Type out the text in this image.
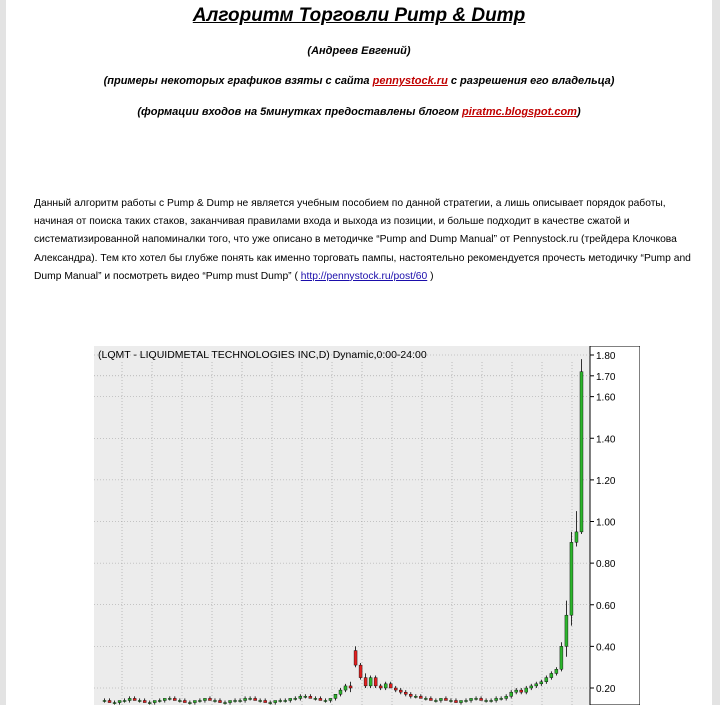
Алгоритм Торговли Pump & Dump
(Андреев Евгений)
(примеры некоторых графиков взяты с сайта pennystock.ru с разрешения его владельца)
(формации входов на 5минутках предоставлены блогом piratmc.blogspot.com)
Данный алгоритм работы с Pump & Dump не является учебным пособием по данной стратегии, а лишь описывает порядок работы, начиная от поиска таких стаков, заканчивая правилами входа и выхода из позиции, и больше подходит в качестве сжатой и систематизированной напоминалки того, что уже описано в методичке “Pump and Dump Manual” от Pennystock.ru (трейдера Клочкова Александра). Тем кто хотел бы глубже понять как именно торговать пампы, настоятельно рекомендуется прочесть методичку “Pump and Dump Manual” и посмотреть видео “Pump must Dump” ( http://pennystock.ru/post/60 )
1.80
1.70
1.60
1.40
1.20
1.00
0.80
0.60
0.40
0.20
(LQMT - LIQUIDMETAL TECHNOLOGIES INC,D) Dynamic,0:00-24:00
